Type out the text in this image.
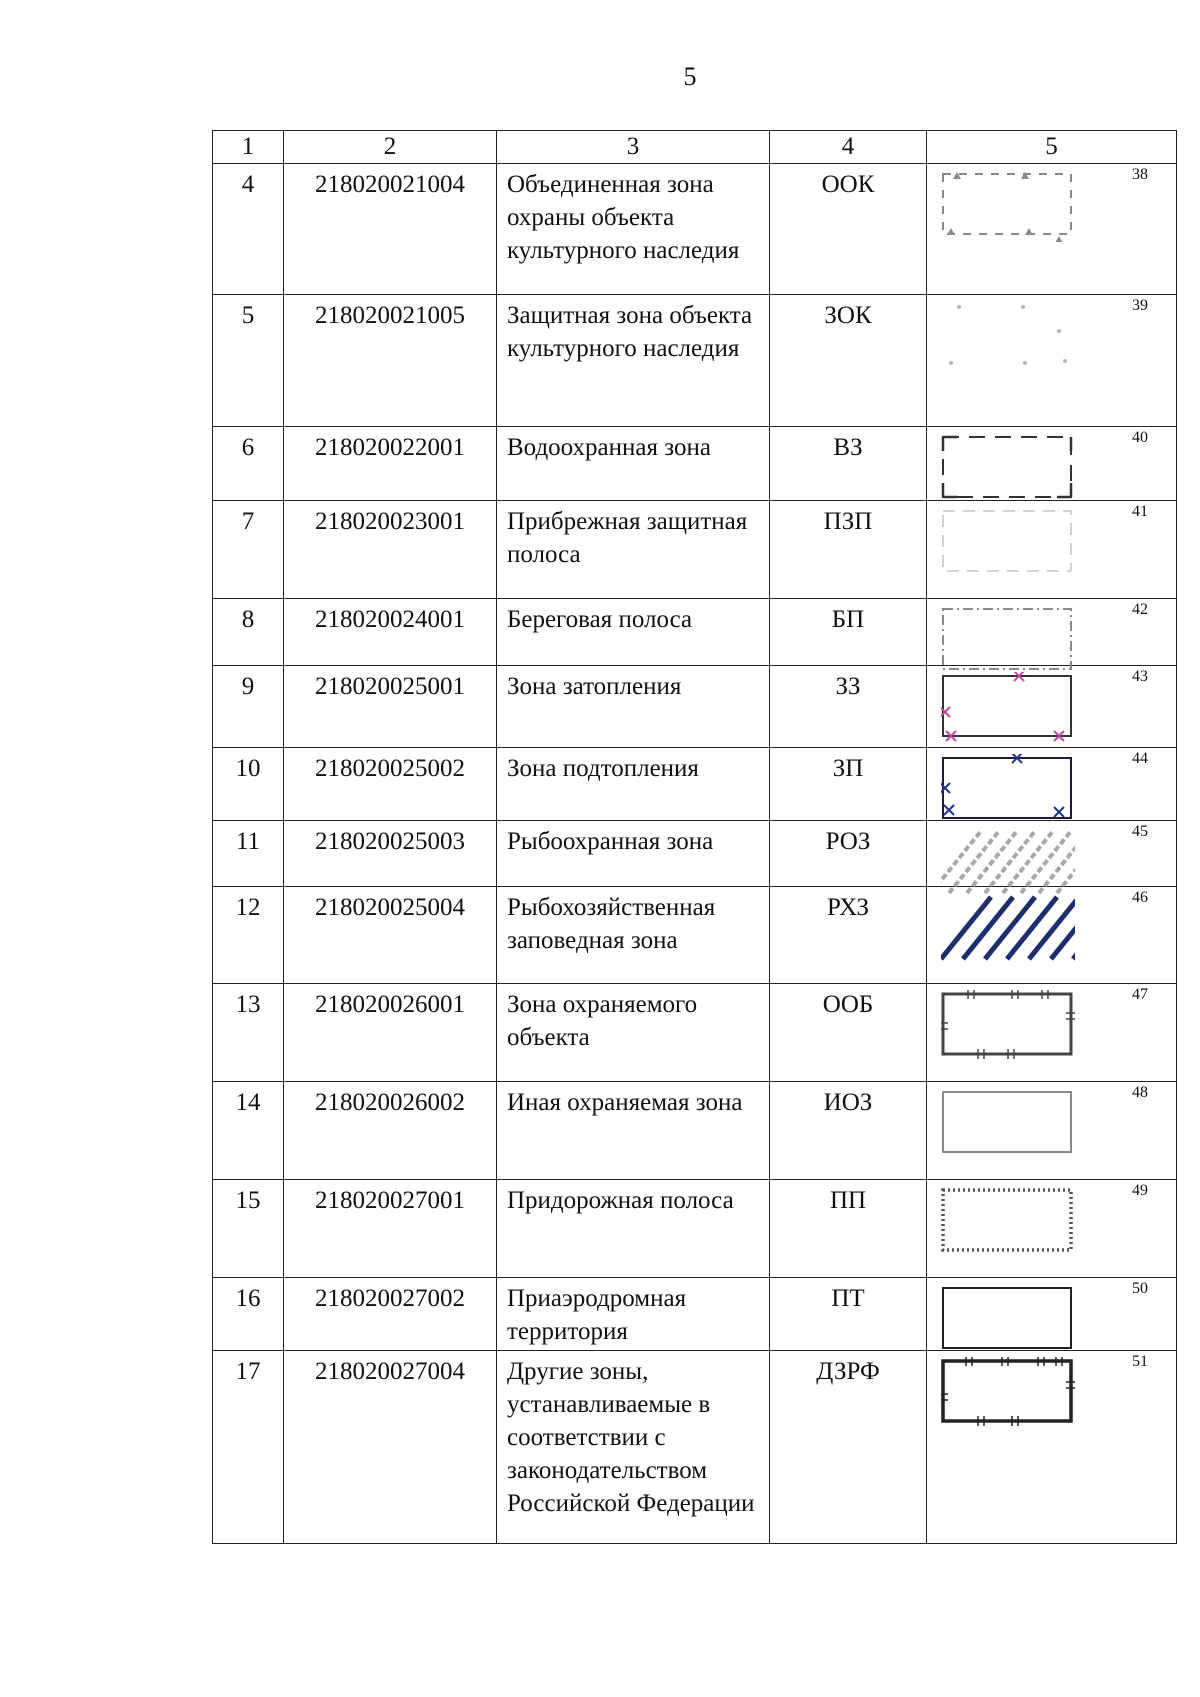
5
1	2	3	4	5
4	218020021004	Объединенная зона охраны объекта культурного наследия	ООК	38

5	218020021005	Защитная зона объекта культурного наследия	ЗОК	39

6	218020022001	Водоохранная зона	ВЗ	40

7	218020023001	Прибрежная защитная полоса	ПЗП	41

8	218020024001	Береговая полоса	БП	42

9	218020025001	Зона затопления	ЗЗ	43

10	218020025002	Зона подтопления	ЗП	44

11	218020025003	Рыбоохранная зона	РОЗ	45

12	218020025004	Рыбохозяйственная заповедная зона	РХЗ	46

13	218020026001	Зона охраняемого объекта	ООБ	47

14	218020026002	Иная охраняемая зона	ИОЗ	48

15	218020027001	Придорожная полоса	ПП	49

16	218020027002	Приаэродромная территория	ПТ	50

17	218020027004	Другие зоны, устанавливаемые в соответствии с законодательством Российской Федерации	ДЗРФ	51
